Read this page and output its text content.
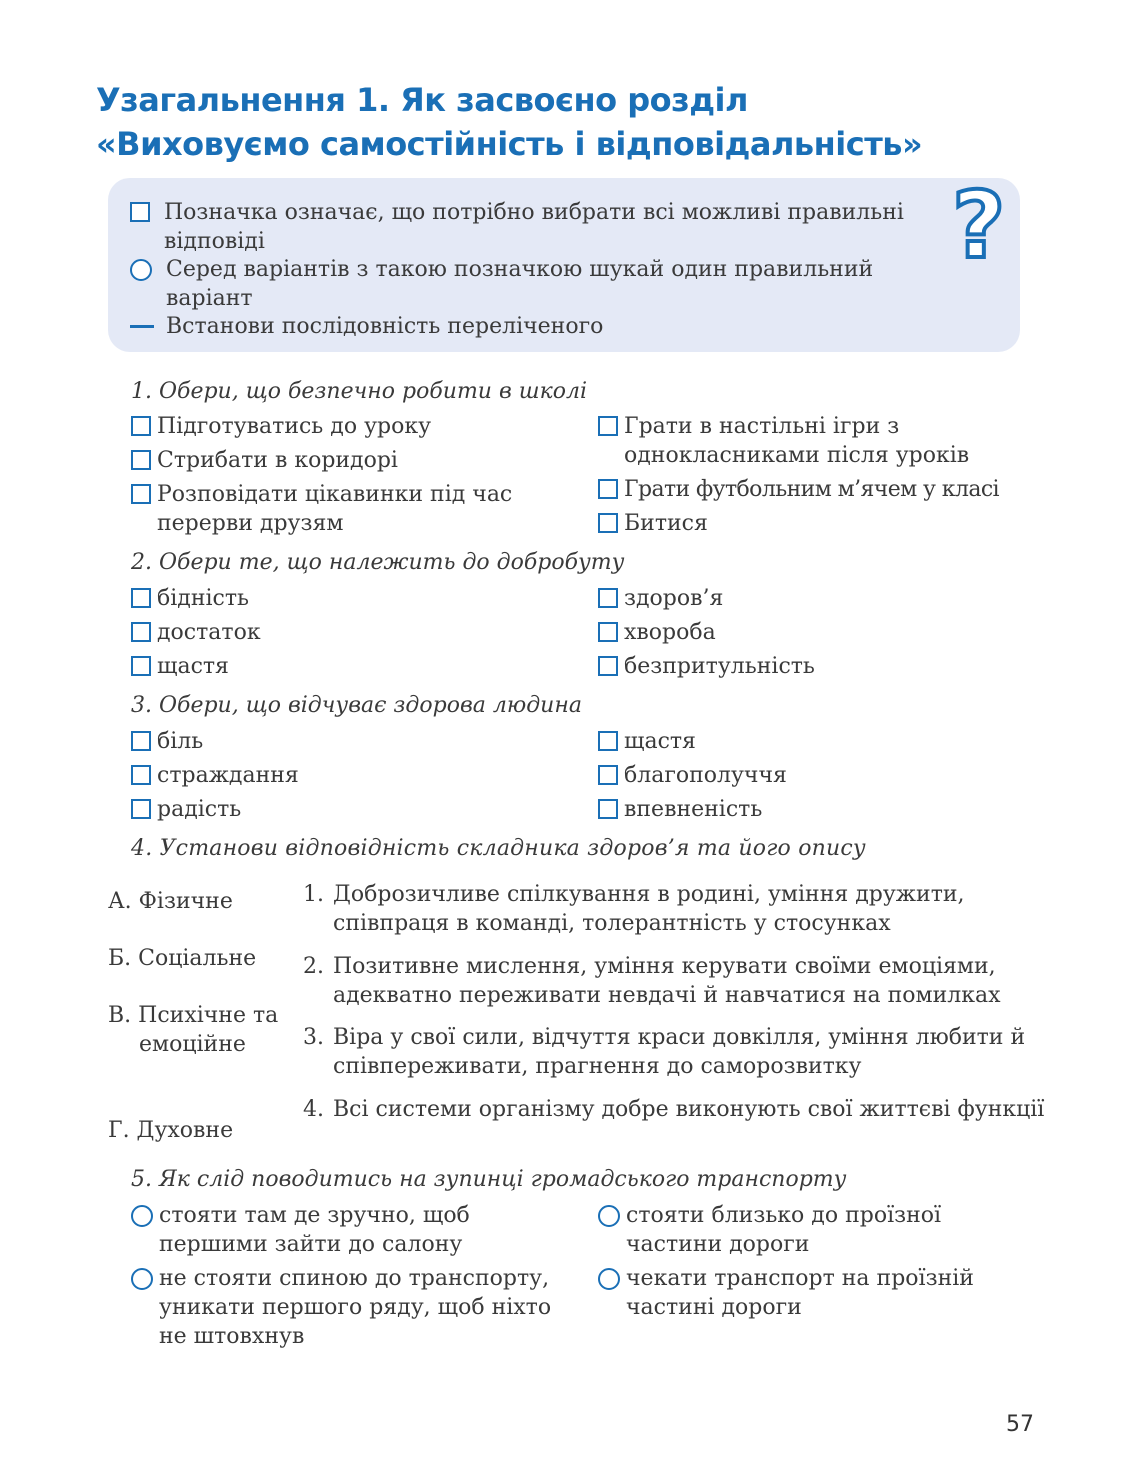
Узагальнення 1. Як засвоєно розділ
«Виховуємо самостійність і відповідальність»
Позначка означає, що потрібно вибрати всі можливі правильні відповіді
Серед варіантів з такою позначкою шукай один правильний варіант
Встанови послідовність переліченого
?
1. Обери, що безпечно робити в школі
Підготуватись до уроку
Стрибати в коридорі
Розповідати цікавинки під час перерви друзям
Грати в настільні ігри з однокласниками після уроків
Грати футбольним м’ячем у класі
Битися
2. Обери те, що належить до добробуту
бідність
достаток
щастя
здоров’я
хвороба
безпритульність
3. Обери, що відчуває здорова людина
біль
страждання
радість
щастя
благополуччя
впевненість
4. Установи відповідність складника здоров’я та його опису
А. Фізичне
Б. Соціальне
В. Психічне та емоційне
Г. Духовне
1. Доброзичливе спілкування в родині, уміння дружити, співпраця в команді, толерантність у стосунках
2. Позитивне мислення, уміння керувати своїми емоціями, адекватно переживати невдачі й навчатися на помилках
3. Віра у свої сили, відчуття краси довкілля, уміння любити й співпереживати, прагнення до саморозвитку
4. Всі системи організму добре виконують свої життєві функції
5. Як слід поводитись на зупинці громадського транспорту
стояти там де зручно, щоб першими зайти до салону
не стояти спиною до транспорту, уникати першого ряду, щоб ніхто не штовхнув
стояти близько до проїзної частини дороги
чекати транспорт на проїзній частині дороги
57
